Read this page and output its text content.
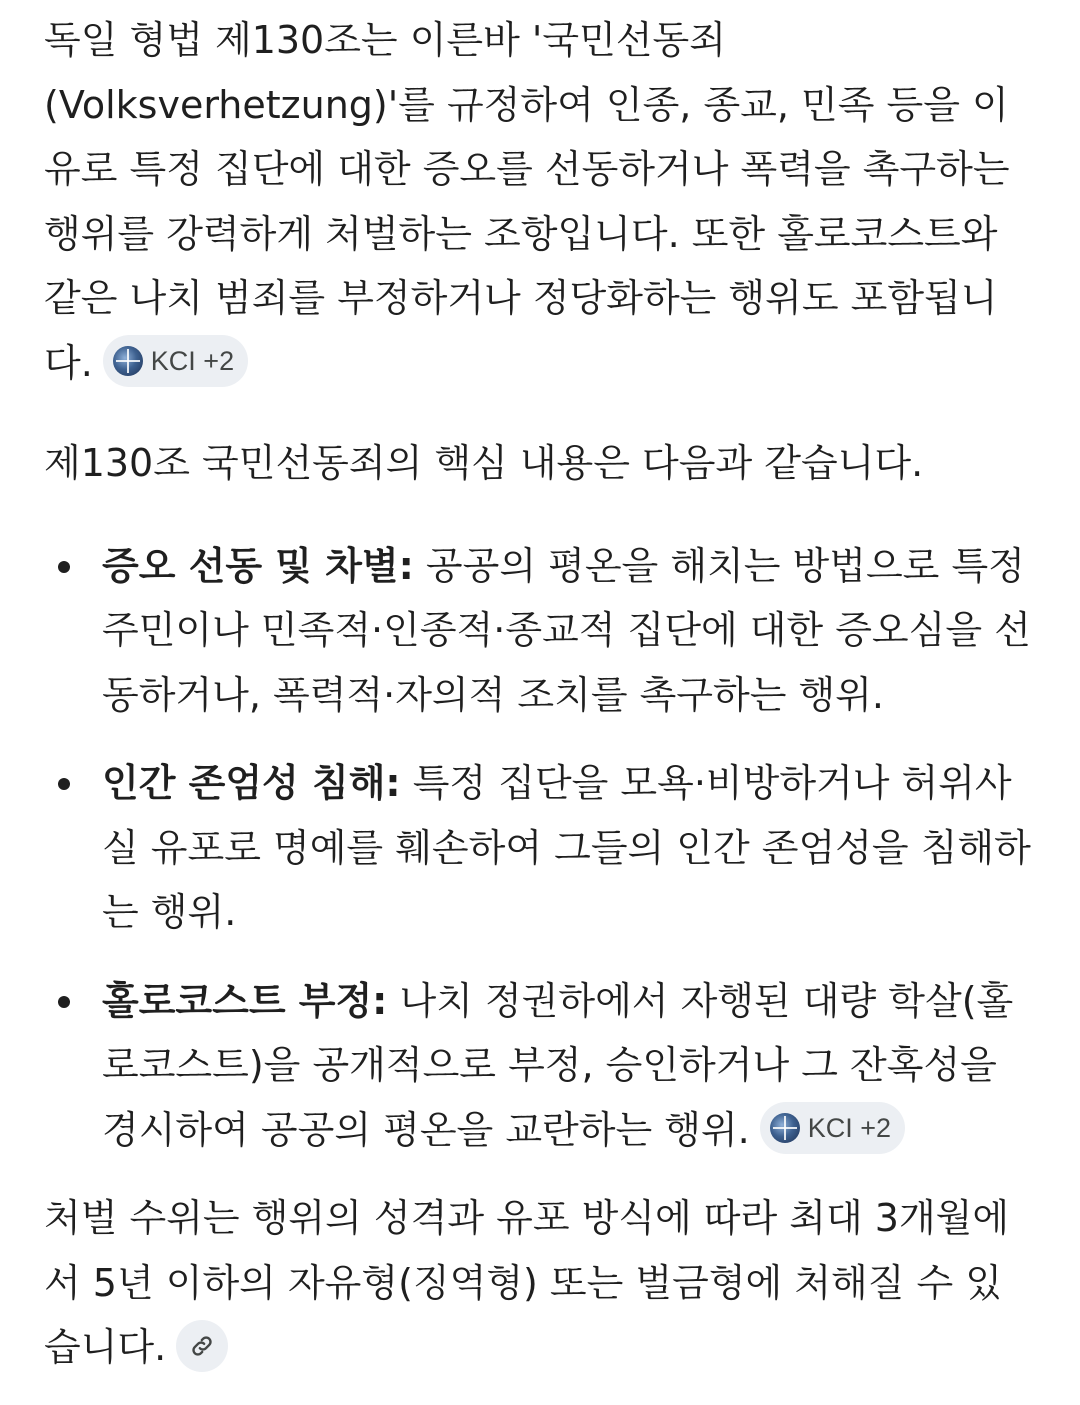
독일 형법 제130조는 이른바 '국민선동죄(Volksverhetzung)'를 규정하여 인종, 종교, 민족 등을 이유로 특정 집단에 대한 증오를 선동하거나 폭력을 촉구하는 행위를 강력하게 처벌하는 조항입니다. 또한 홀로코스트와 같은 나치 범죄를 부정하거나 정당화하는 행위도 포함됩니다. KCI +2

제130조 국민선동죄의 핵심 내용은 다음과 같습니다.

증오 선동 및 차별: 공공의 평온을 해치는 방법으로 특정 주민이나 민족적·인종적·종교적 집단에 대한 증오심을 선동하거나, 폭력적·자의적 조치를 촉구하는 행위.
인간 존엄성 침해: 특정 집단을 모욕·비방하거나 허위사실 유포로 명예를 훼손하여 그들의 인간 존엄성을 침해하는 행위.
홀로코스트 부정: 나치 정권하에서 자행된 대량 학살(홀로코스트)을 공개적으로 부정, 승인하거나 그 잔혹성을 경시하여 공공의 평온을 교란하는 행위. KCI +2

처벌 수위는 행위의 성격과 유포 방식에 따라 최대 3개월에서 5년 이하의 자유형(징역형) 또는 벌금형에 처해질 수 있습니다.
